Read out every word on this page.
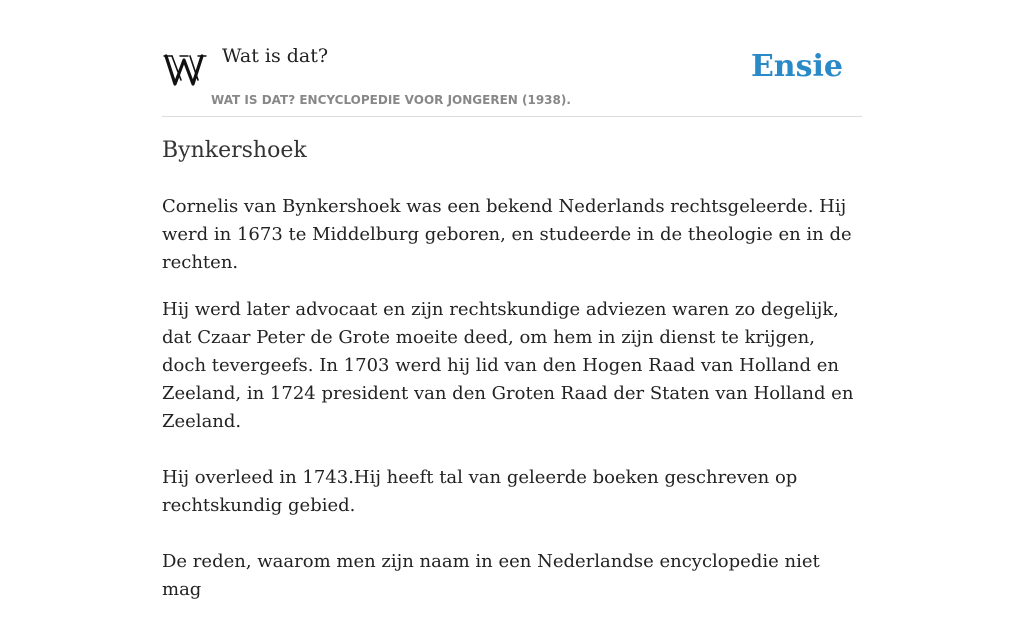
Wat is dat?	Ensie
WAT IS DAT? ENCYCLOPEDIE VOOR JONGEREN (1938).
Bynkershoek

Cornelis van Bynkershoek was een bekend Nederlands rechtsgeleerde. Hij werd in 1673 te Middelburg geboren, en studeerde in de theologie en in de rechten.

Hij werd later advocaat en zijn rechtskundige adviezen waren zo degelijk, dat Czaar Peter de Grote moeite deed, om hem in zijn dienst te krijgen, doch tevergeefs. In 1703 werd hij lid van den Hogen Raad van Holland en Zeeland, in 1724 president van den Groten Raad der Staten van Holland en Zeeland.

Hij overleed in 1743.Hij heeft tal van geleerde boeken geschreven op rechtskundig gebied.

De reden, waarom men zijn naam in een Nederlandse encyclopedie niet mag
